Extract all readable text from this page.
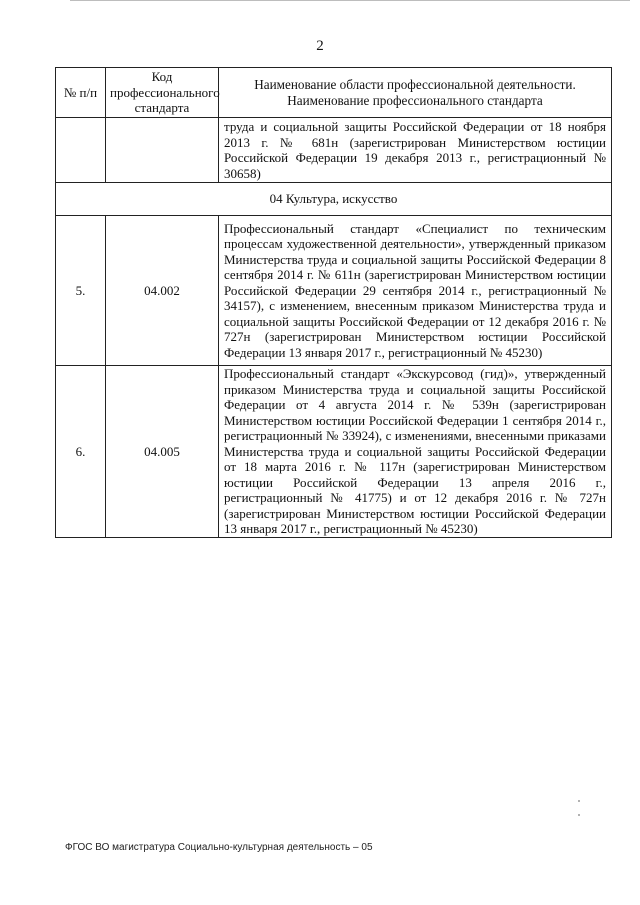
2
№ п/п	Код профессионального стандарта	Наименование области профессиональной деятельности.
Наименование профессионального стандарта
		труда и социальной защиты Российской Федерации от 18 ноября 2013 г. № 681н (зарегистрирован Министерством юстиции Российской Федерации 19 декабря 2013 г., регистрационный № 30658)
04 Культура, искусство		
5.	04.002	Профессиональный стандарт «Специалист по техническим процессам художественной деятельности», утвержденный приказом Министерства труда и социальной защиты Российской Федерации 8 сентября 2014 г. № 611н (зарегистрирован Министерством юстиции Российской Федерации 29 сентября 2014 г., регистрационный № 34157), с изменением, внесенным приказом Министерства труда и социальной защиты Российской Федерации от 12 декабря 2016 г. № 727н (зарегистрирован Министерством юстиции Российской Федерации 13 января 2017 г., регистрационный № 45230)
6.	04.005	Профессиональный стандарт «Экскурсовод (гид)», утвержденный приказом Министерства труда и социальной защиты Российской Федерации от 4 августа 2014 г. № 539н (зарегистрирован Министерством юстиции Российской Федерации 1 сентября 2014 г., регистрационный № 33924), с изменениями, внесенными приказами Министерства труда и социальной защиты Российской Федерации от 18 марта 2016 г. № 117н (зарегистрирован Министерством юстиции Российской Федерации 13 апреля 2016 г., регистрационный № 41775) и от 12 декабря 2016 г. № 727н (зарегистрирован Министерством юстиции Российской Федерации 13 января 2017 г., регистрационный № 45230)
ФГОС ВО магистратура Социально-культурная деятельность – 05
